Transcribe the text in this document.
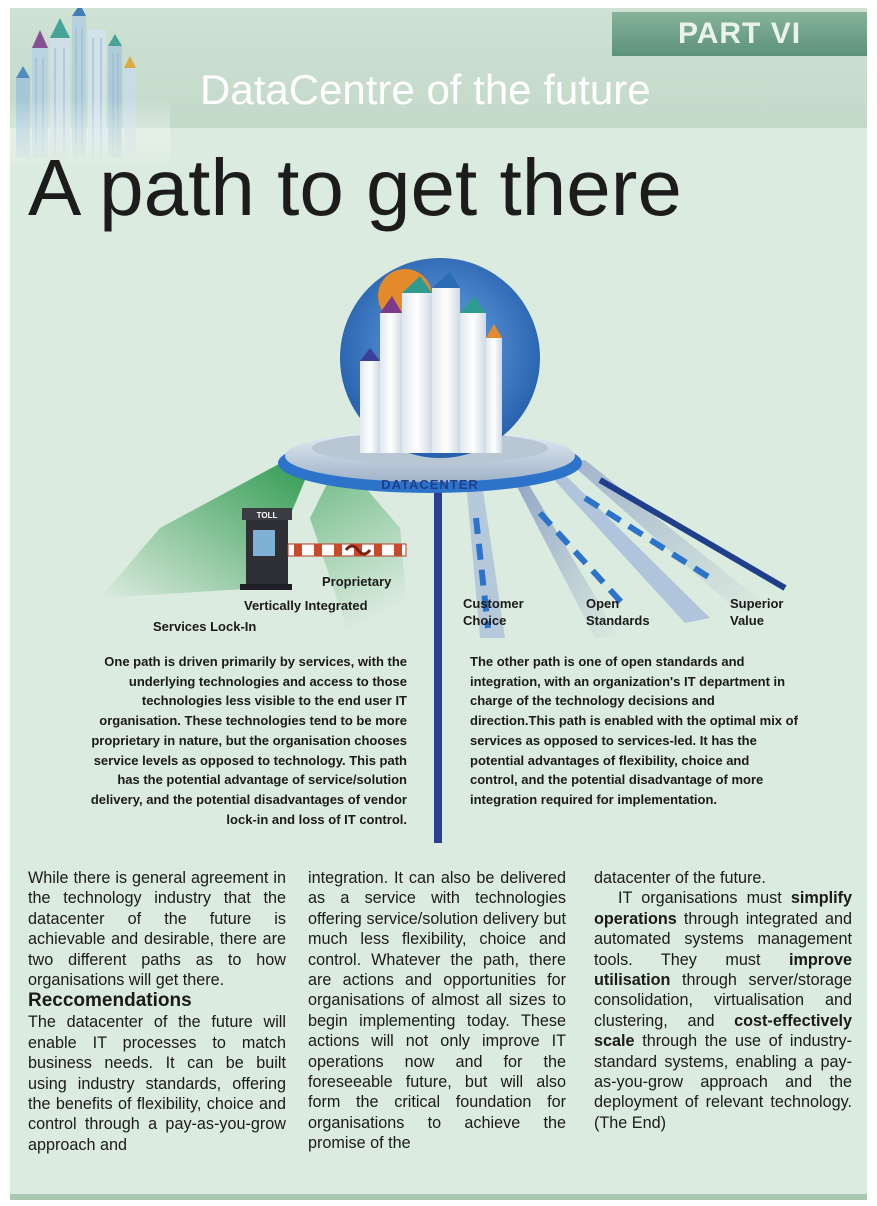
PART VI
DataCentre of the future
A path to get there
DATACENTER
TOLL
Proprietary
Vertically Integrated
Services Lock-In
Customer
Choice
Open
Standards
Superior
Value
One path is driven primarily by services, with the underlying technologies and access to those technologies less visible to the end user IT organisation. These technologies tend to be more proprietary in nature, but the organisation chooses service levels as opposed to technology. This path has the potential advantage of service/solution delivery, and the potential disadvantages of vendor lock-in and loss of IT control.
The other path is one of open standards and integration, with an organization's IT department in charge of the technology decisions and direction.This path is enabled with the optimal mix of services as opposed to services-led. It has the potential advantages of flexibility, choice and control, and the potential disadvantage of more integration required for implementation.

While there is general agreement in the technology industry that the datacenter of the future is achievable and desirable, there are two different paths as to how organisations will get there.

Reccomendations

The datacenter of the future will enable IT processes to match business needs. It can be built using industry standards, offering the benefits of flexibility, choice and control through a pay-as-you-grow approach and

integration. It can also be delivered as a service with technologies offering service/solution delivery but much less flexibility, choice and control. Whatever the path, there are actions and opportunities for organisations of almost all sizes to begin implementing today. These actions will not only improve IT operations now and for the foreseeable future, but will also form the critical foundation for organisations to achieve the promise of the

datacenter of the future.

IT organisations must simplify operations through integrated and automated systems management tools. They must improve utilisation through server/storage consolidation, virtualisation and clustering, and cost-effectively scale through the use of industry-standard systems, enabling a pay-as-you-grow approach and the deployment of relevant technology. (The End)
